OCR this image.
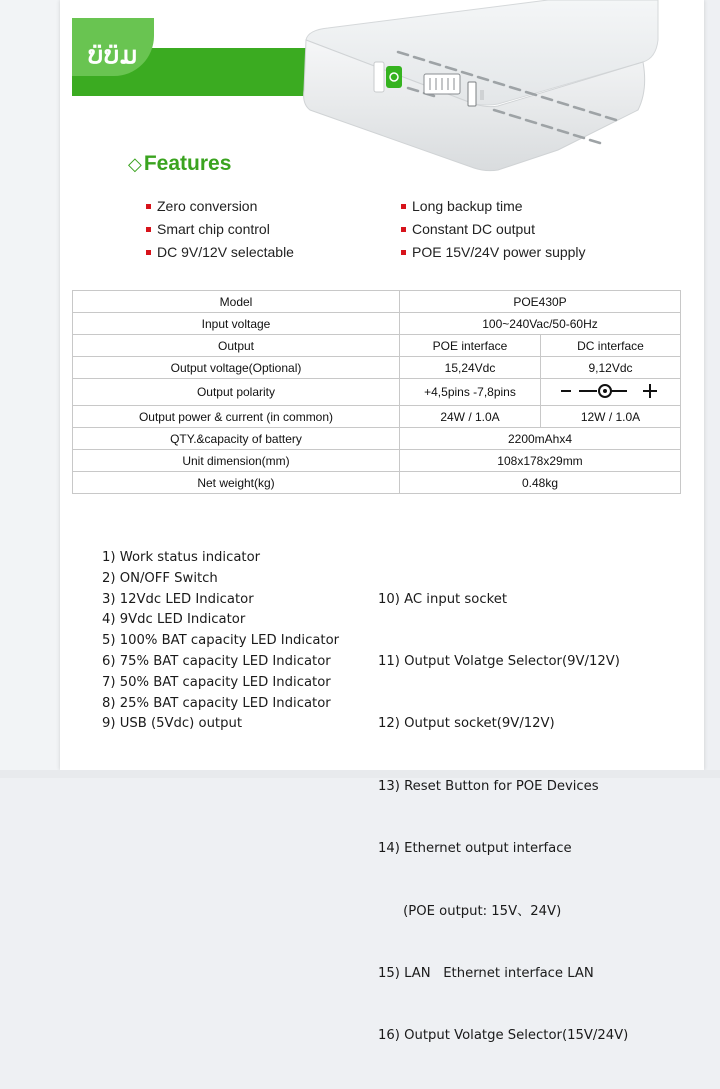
ບ̈ບ̈ມ
◇Features
Zero conversion
Smart chip control
DC 9V/12V selectable
Long backup time
Constant DC output
POE 15V/24V power supply
Model	POE430P	
Input voltage	100~240Vac/50-60Hz	
Output	POE interface	DC interface
Output voltage(Optional)	15,24Vdc	9,12Vdc
Output polarity	+4,5pins -7,8pins	
Output power & current (in common)	24W / 1.0A	12W / 1.0A
QTY.&capacity of battery	2200mAhx4	
Unit dimension(mm)	108x178x29mm	
Net weight(kg)	0.48kg	
1) Work status indicator
2) ON/OFF Switch
3) 12Vdc LED Indicator
4) 9Vdc LED Indicator
5) 100% BAT capacity LED Indicator
6) 75% BAT capacity LED Indicator
7) 50% BAT capacity LED Indicator
8) 25% BAT capacity LED Indicator
9) USB (5Vdc) output

10) AC input socket

11) Output Volatge Selector(9V/12V)

12) Output socket(9V/12V)

13) Reset Button for POE Devices

14) Ethernet output interface

(POE output: 15V、24V)

15) LAN   Ethernet interface LAN

16) Output Volatge Selector(15V/24V)
